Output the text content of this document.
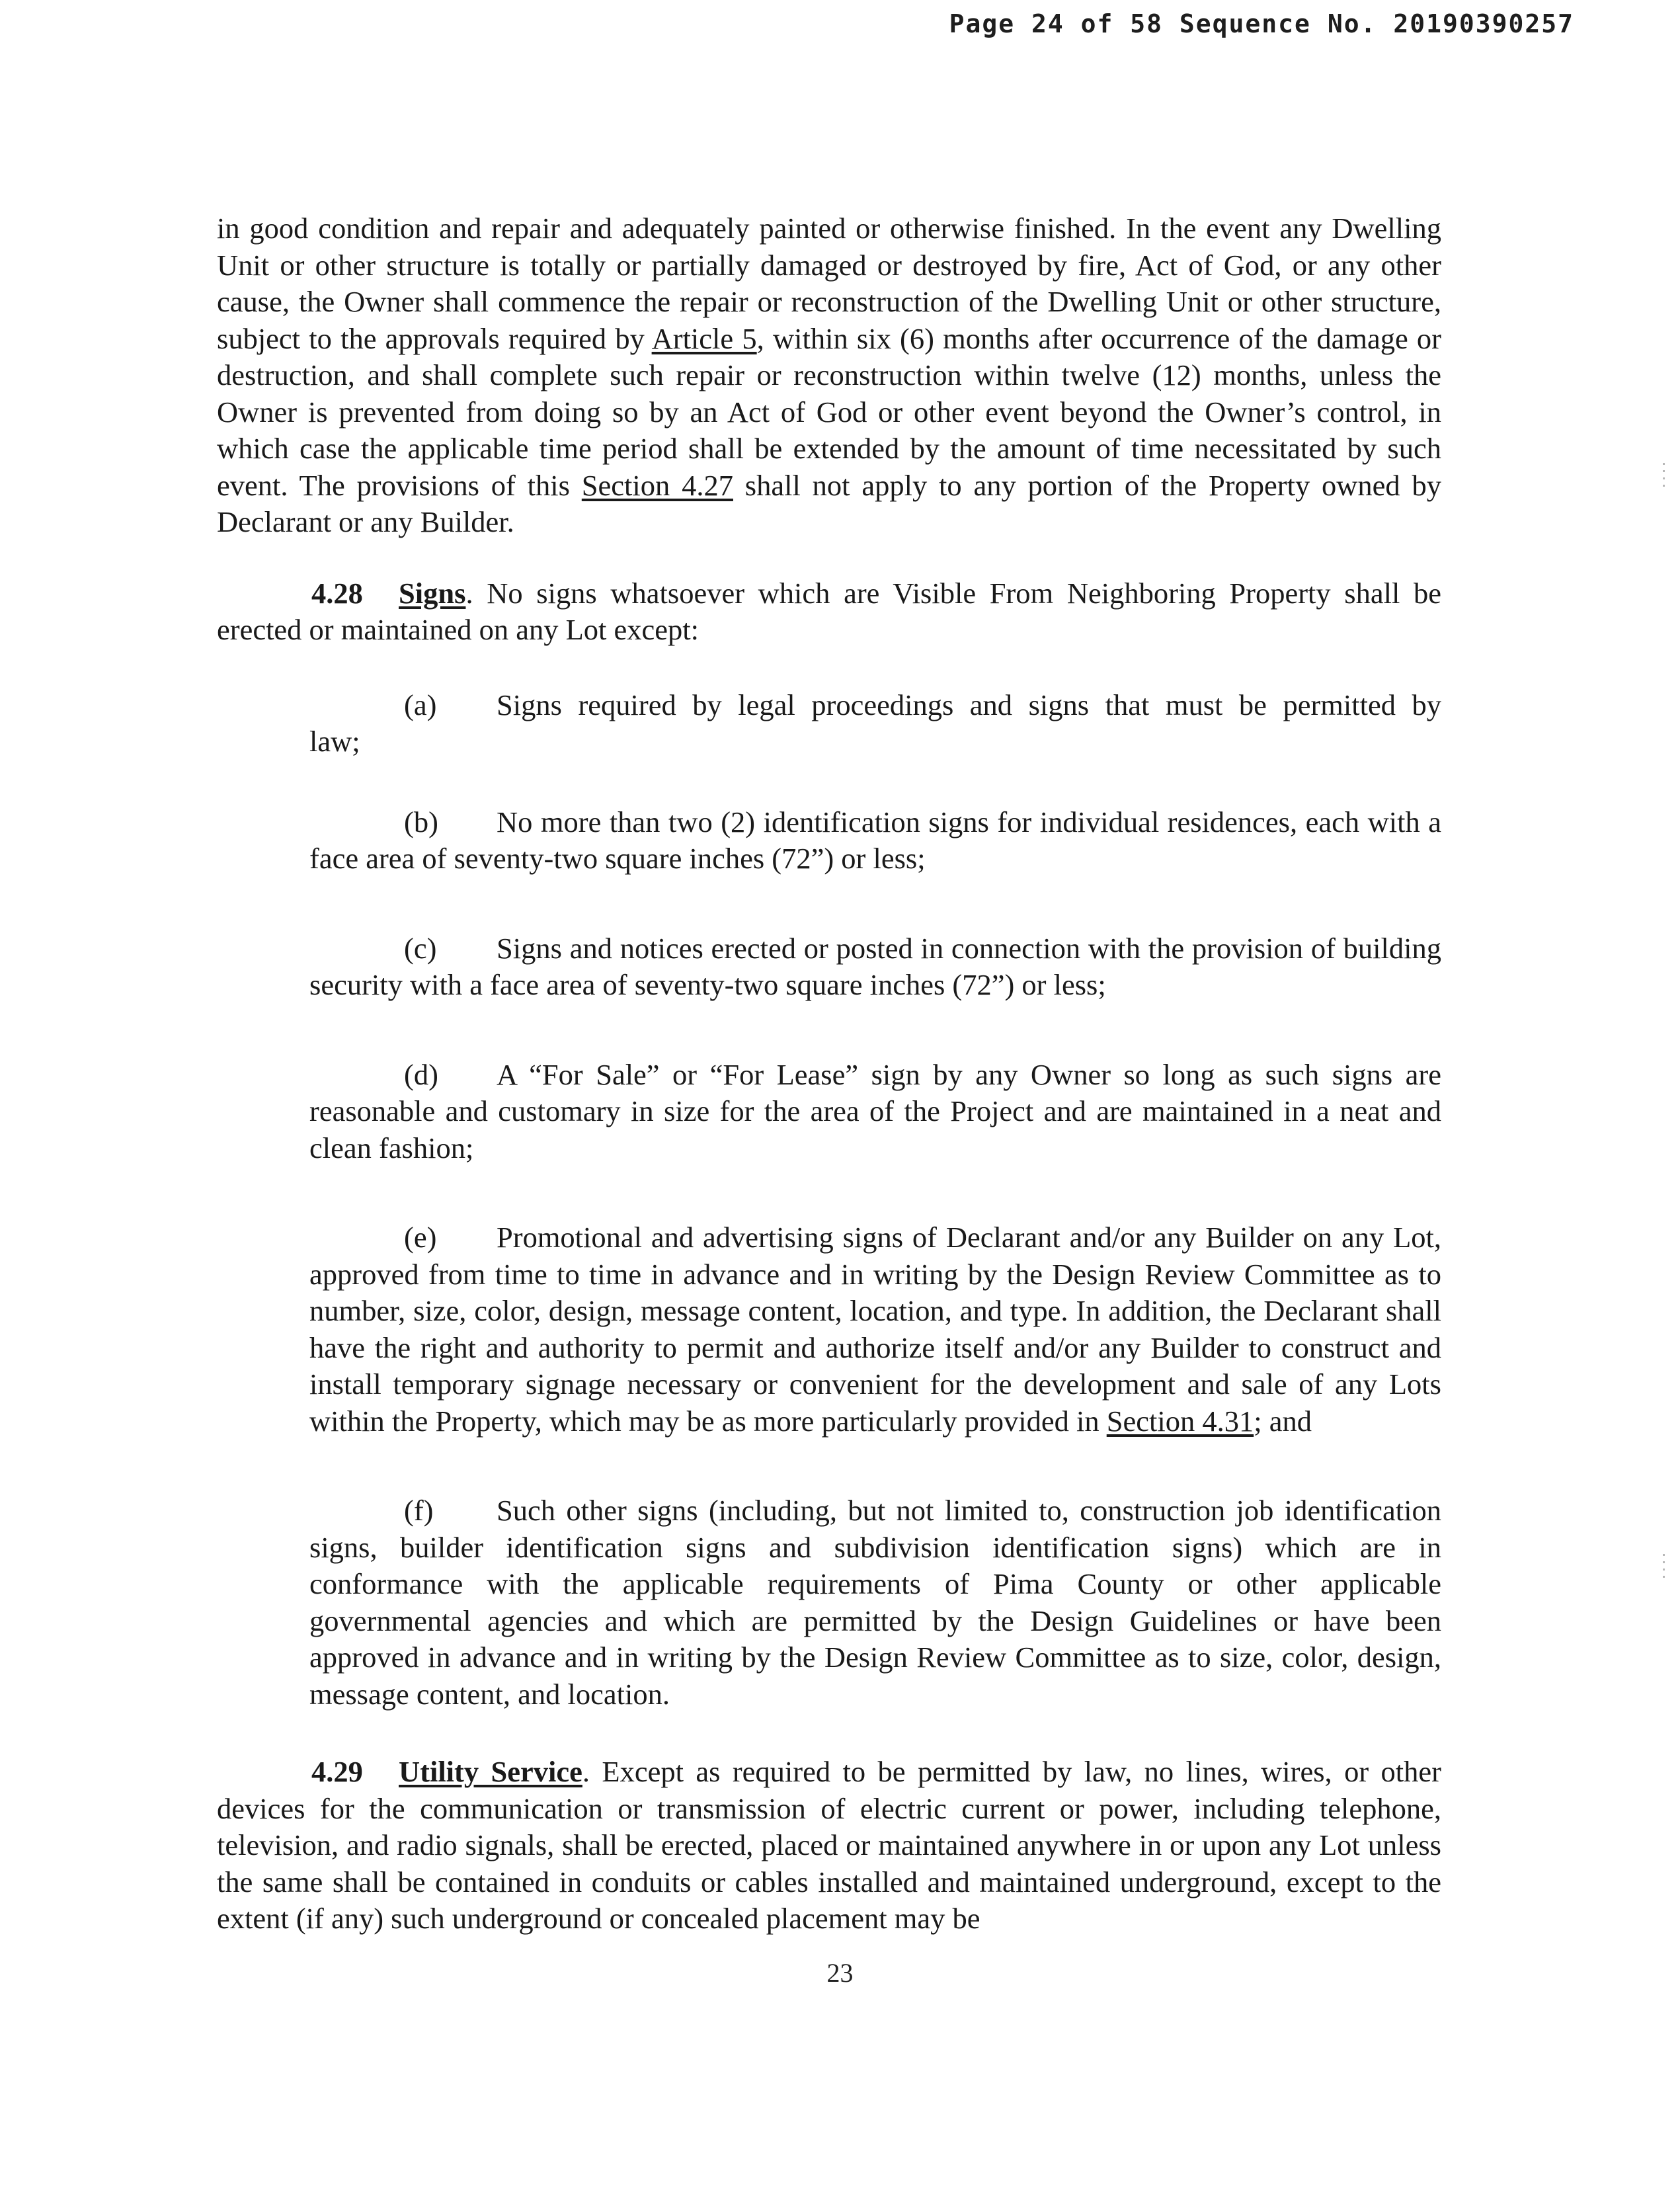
Page 24 of 58 Sequence No. 20190390257

in good condition and repair and adequately painted or otherwise finished. In the event any Dwelling Unit or other structure is totally or partially damaged or destroyed by fire, Act of God, or any other cause, the Owner shall commence the repair or reconstruction of the Dwelling Unit or other structure, subject to the approvals required by Article 5, within six (6) months after occurrence of the damage or destruction, and shall complete such repair or reconstruction within twelve (12) months, unless the Owner is prevented from doing so by an Act of God or other event beyond the Owner’s control, in which case the applicable time period shall be extended by the amount of time necessitated by such event. The provisions of this Section 4.27 shall not apply to any portion of the Property owned by Declarant or any Builder.

4.28 Signs. No signs whatsoever which are Visible From Neighboring Property shall be erected or maintained on any Lot except:

(a) Signs required by legal proceedings and signs that must be permitted by
law;

(b) No more than two (2) identification signs for individual residences, each with a face area of seventy-two square inches (72”) or less;

(c) Signs and notices erected or posted in connection with the provision of building security with a face area of seventy-two square inches (72”) or less;

(d) A “For Sale” or “For Lease” sign by any Owner so long as such signs are reasonable and customary in size for the area of the Project and are maintained in a neat and clean fashion;

(e) Promotional and advertising signs of Declarant and/or any Builder on any Lot, approved from time to time in advance and in writing by the Design Review Committee as to number, size, color, design, message content, location, and type. In addition, the Declarant shall have the right and authority to permit and authorize itself and/or any Builder to construct and install temporary signage necessary or convenient for the development and sale of any Lots within the Property, which may be as more particularly provided in Section 4.31; and

(f) Such other signs (including, but not limited to, construction job identification signs, builder identification signs and subdivision identification signs) which are in conformance with the applicable requirements of Pima County or other applicable governmental agencies and which are permitted by the Design Guidelines or have been approved in advance and in writing by the Design Review Committee as to size, color, design, message content, and location.

4.29 Utility Service. Except as required to be permitted by law, no lines, wires, or other devices for the communication or transmission of electric current or power, including telephone, television, and radio signals, shall be erected, placed or maintained anywhere in or upon any Lot unless the same shall be contained in conduits or cables installed and maintained underground, except to the extent (if any) such underground or concealed placement may be

23
